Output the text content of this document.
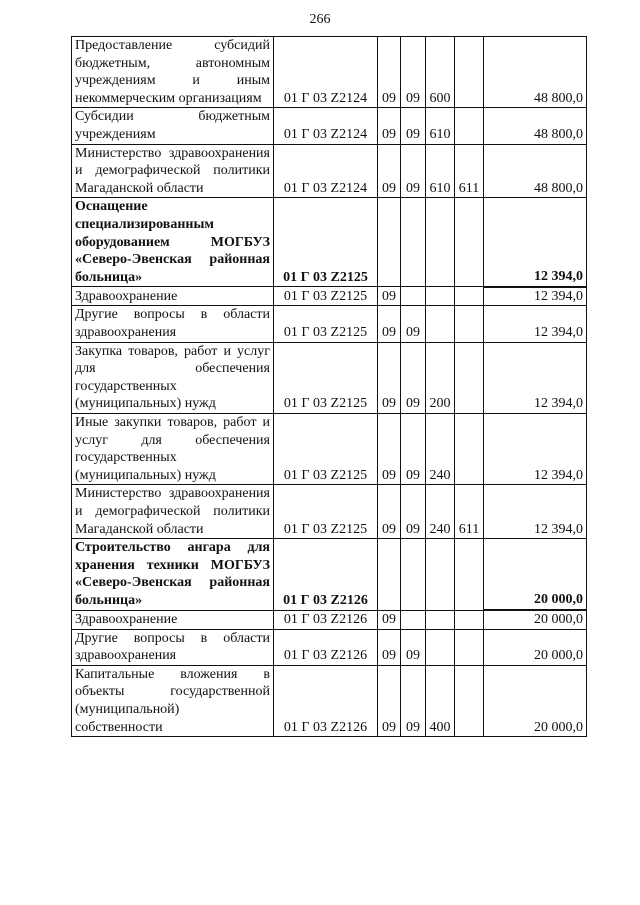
266
Предоставление субсидий бюджетным, автономным учреждениям и иным некоммерческим организациям	01 Г 03 Z2124	09	09	600		48 800,0
Субсидии бюджетным учреждениям	01 Г 03 Z2124	09	09	610		48 800,0
Министерство здравоохранения и демографической политики Магаданской области	01 Г 03 Z2124	09	09	610	611	48 800,0
Оснащение специализированным оборудованием МОГБУЗ «Северо-Эвенская районная больница»	01 Г 03 Z2125					12 394,0
Здравоохранение	01 Г 03 Z2125	09				12 394,0
Другие вопросы в области здравоохранения	01 Г 03 Z2125	09	09			12 394,0
Закупка товаров, работ и услуг для обеспечения государственных (муниципальных) нужд	01 Г 03 Z2125	09	09	200		12 394,0
Иные закупки товаров, работ и услуг для обеспечения государственных (муниципальных) нужд	01 Г 03 Z2125	09	09	240		12 394,0
Министерство здравоохранения и демографической политики Магаданской области	01 Г 03 Z2125	09	09	240	611	12 394,0
Строительство ангара для хранения техники МОГБУЗ «Северо-Эвенская районная больница»	01 Г 03 Z2126					20 000,0
Здравоохранение	01 Г 03 Z2126	09				20 000,0
Другие вопросы в области здравоохранения	01 Г 03 Z2126	09	09			20 000,0
Капитальные вложения в объекты государственной (муниципальной) собственности	01 Г 03 Z2126	09	09	400		20 000,0
